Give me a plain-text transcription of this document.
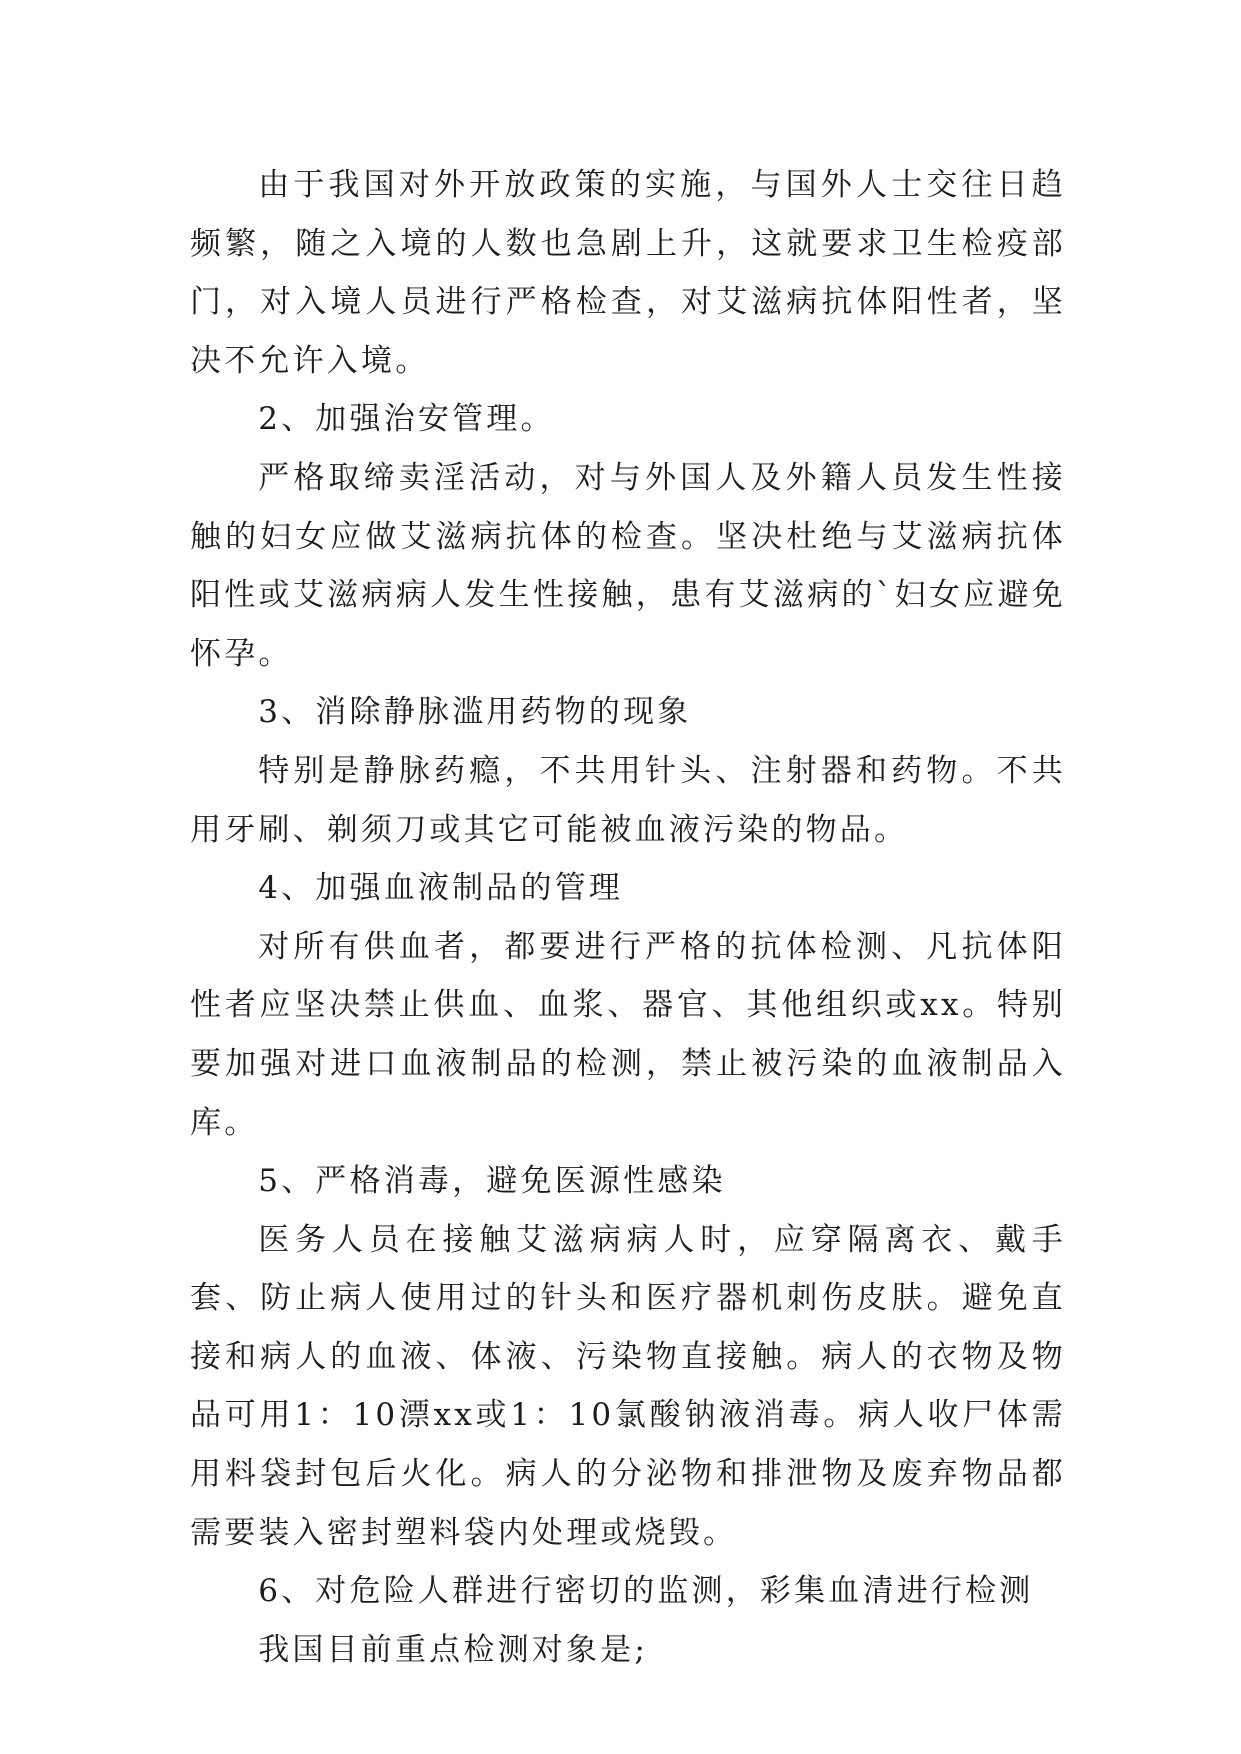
由于我国对外开放政策的实施，与国外人士交往日趋频繁，随之入境的人数也急剧上升，这就要求卫生检疫部门，对入境人员进行严格检查，对艾滋病抗体阳性者，坚决不允许入境。

2、加强治安管理。

严格取缔卖淫活动，对与外国人及外籍人员发生性接触的妇女应做艾滋病抗体的检查。坚决杜绝与艾滋病抗体阳性或艾滋病病人发生性接触，患有艾滋病的`妇女应避免怀孕。

3、消除静脉滥用药物的现象

特别是静脉药瘾，不共用针头、注射器和药物。不共用牙刷、剃须刀或其它可能被血液污染的物品。

4、加强血液制品的管理

对所有供血者，都要进行严格的抗体检测、凡抗体阳性者应坚决禁止供血、血浆、器官、其他组织或xx。特别要加强对进口血液制品的检测，禁止被污染的血液制品入库。

5、严格消毒，避免医源性感染

医务人员在接触艾滋病病人时，应穿隔离衣、戴手套、防止病人使用过的针头和医疗器机刺伤皮肤。避免直接和病人的血液、体液、污染物直接触。病人的衣物及物品可用1：10漂xx或1：10氯酸钠液消毒。病人收尸体需用料袋封包后火化。病人的分泌物和排泄物及废弃物品都需要装入密封塑料袋内处理或烧毁。

6、对危险人群进行密切的监测，彩集血清进行检测

我国目前重点检测对象是;
